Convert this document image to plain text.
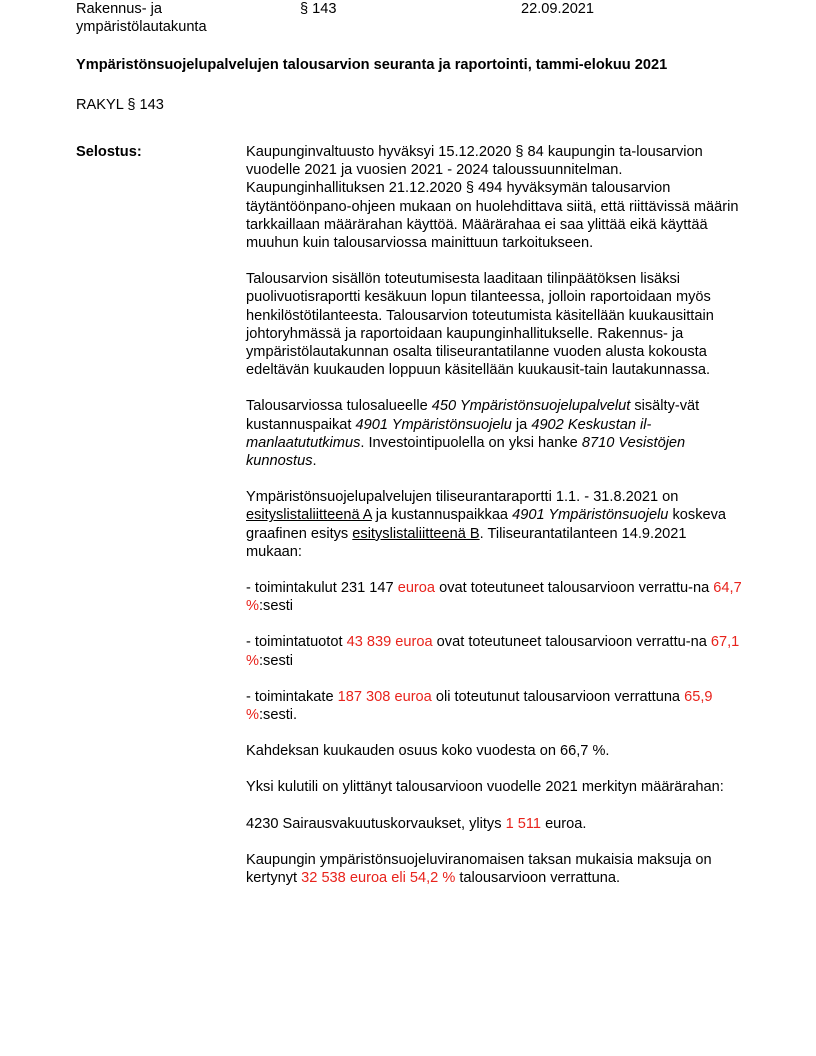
Rakennus- ja ympäristölautakunta
§ 143	22.09.2021
Ympäristönsuojelupalvelujen talousarvion seuranta ja raportointi, tammi-elokuu 2021
RAKYL § 143
Selostus:	Kaupunginvaltuusto hyväksyi 15.12.2020 § 84 kaupungin ta-lousarvion vuodelle 2021 ja vuosien 2021 - 2024 taloussuunnitelman. Kaupunginhallituksen 21.12.2020 § 494 hyväksymän talousarvion täytäntöönpano-ohjeen mukaan on huolehdittava siitä, että riittävissä määrin tarkkaillaan määrärahan käyttöä. Määrärahaa ei saa ylittää eikä käyttää muuhun kuin talousarviossa mainittuun tarkoitukseen.

Talousarvion sisällön toteutumisesta laaditaan tilinpäätöksen lisäksi puolivuotisraportti kesäkuun lopun tilanteessa, jolloin raportoidaan myös henkilöstötilanteesta. Talousarvion toteutumista käsitellään kuukausittain johtoryhmässä ja raportoidaan kaupunginhallitukselle. Rakennus- ja ympäristölautakunnan osalta tiliseurantatilanne vuoden alusta kokousta edeltävän kuukauden loppuun käsitellään kuukausit-tain lautakunnassa.

Talousarviossa tulosalueelle 450 Ympäristönsuojelupalvelut sisälty-vät kustannuspaikat 4901 Ympäristönsuojelu ja 4902 Keskustan il-manlaatututkimus. Investointipuolella on yksi hanke 8710 Vesistöjen kunnostus.

Ympäristönsuojelupalvelujen tiliseurantaraportti 1.1. - 31.8.2021 on esityslistaliitteenä A ja kustannuspaikkaa 4901 Ympäristönsuojelu koskeva graafinen esitys esityslistaliitteenä B. Tiliseurantatilanteen 14.9.2021 mukaan:

- toimintakulut 231 147 euroa ovat toteutuneet talousarvioon verrattu-na 64,7 %:sesti

- toimintatuotot 43 839 euroa ovat toteutuneet talousarvioon verrattu-na 67,1 %:sesti

- toimintakate 187 308 euroa oli toteutunut talousarvioon verrattuna 65,9 %:sesti.

Kahdeksan kuukauden osuus koko vuodesta on 66,7 %.

Yksi kulutili on ylittänyt talousarvioon vuodelle 2021 merkityn määrärahan:

4230 Sairausvakuutuskorvaukset, ylitys 1 511 euroa.

Kaupungin ympäristönsuojeluviranomaisen taksan mukaisia maksuja on kertynyt 32 538 euroa eli 54,2 % talousarvioon verrattuna.
